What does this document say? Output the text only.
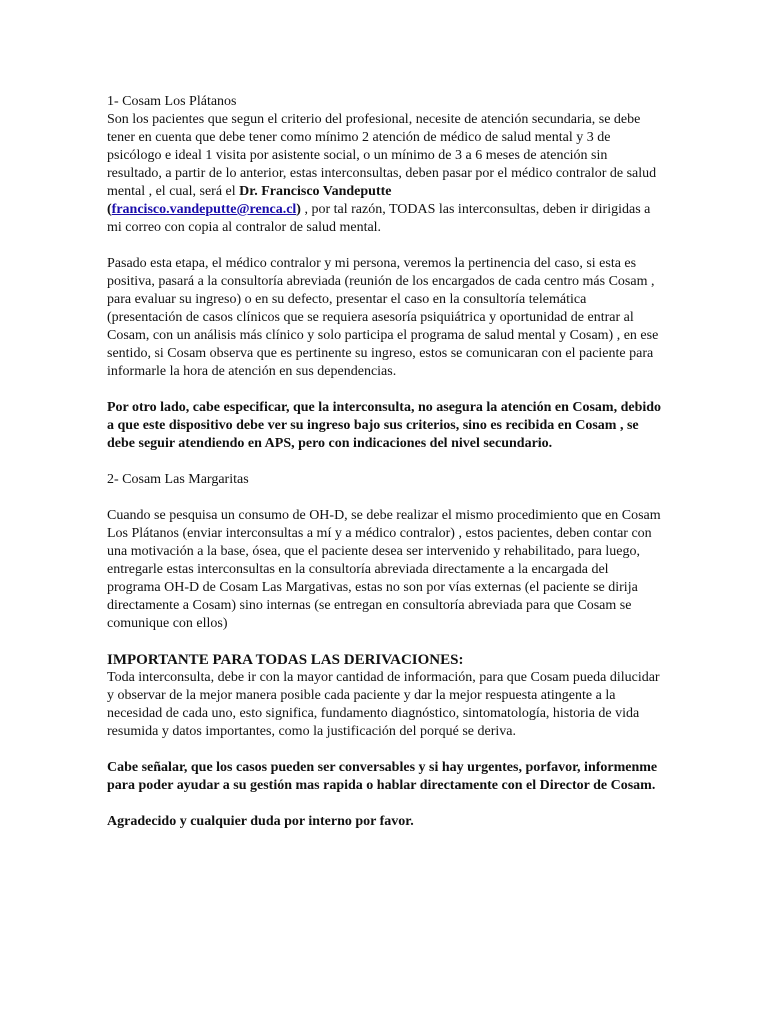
1- Cosam Los Plátanos

Son los pacientes que segun el criterio del profesional, necesite de atención secundaria, se debe tener en cuenta que debe tener como mínimo 2 atención de médico de salud mental y 3 de psicólogo e ideal 1 visita por asistente social, o un mínimo de 3 a 6 meses de atención sin resultado, a partir de lo anterior, estas interconsultas, deben pasar por el médico contralor de salud mental , el cual, será el Dr. Francisco Vandeputte
(francisco.vandeputte@renca.cl) , por tal razón, TODAS las interconsultas, deben ir dirigidas a mi correo con copia al contralor de salud mental.

Pasado esta etapa, el médico contralor y mi persona, veremos la pertinencia del caso, si esta es positiva, pasará a la consultoría abreviada (reunión de los encargados de cada centro más Cosam , para evaluar su ingreso) o en su defecto, presentar el caso en la consultoría telemática (presentación de casos clínicos que se requiera asesoría psiquiátrica y oportunidad de entrar al Cosam, con un análisis más clínico y solo participa el programa de salud mental y Cosam) , en ese sentido, si Cosam observa que es pertinente su ingreso, estos se comunicaran con el paciente para informarle la hora de atención en sus dependencias.

Por otro lado, cabe especificar, que la interconsulta, no asegura la atención en Cosam, debido a que este dispositivo debe ver su ingreso bajo sus criterios, sino es recibida en Cosam , se debe seguir atendiendo en APS, pero con indicaciones del nivel secundario.

2- Cosam Las Margaritas

Cuando se pesquisa un consumo de OH-D, se debe realizar el mismo procedimiento que en Cosam Los Plátanos (enviar interconsultas a mí y a médico contralor) , estos pacientes, deben contar con una motivación a la base, ósea, que el paciente desea ser intervenido y rehabilitado, para luego, entregarle estas interconsultas en la consultoría abreviada directamente a la encargada del programa OH-D de Cosam Las Margativas, estas no son por vías externas (el paciente se dirija directamente a Cosam) sino internas (se entregan en consultoría abreviada para que Cosam se comunique con ellos)

IMPORTANTE PARA TODAS LAS DERIVACIONES:

Toda interconsulta, debe ir con la mayor cantidad de información, para que Cosam pueda dilucidar y observar de la mejor manera posible cada paciente y dar la mejor respuesta atingente a la necesidad de cada uno, esto significa, fundamento diagnóstico, sintomatología, historia de vida resumida y datos importantes, como la justificación del porqué se deriva.

Cabe señalar, que los casos pueden ser conversables y si hay urgentes, porfavor, informenme para poder ayudar a su gestión mas rapida o hablar directamente con el Director de Cosam.

Agradecido y cualquier duda por interno por favor.
